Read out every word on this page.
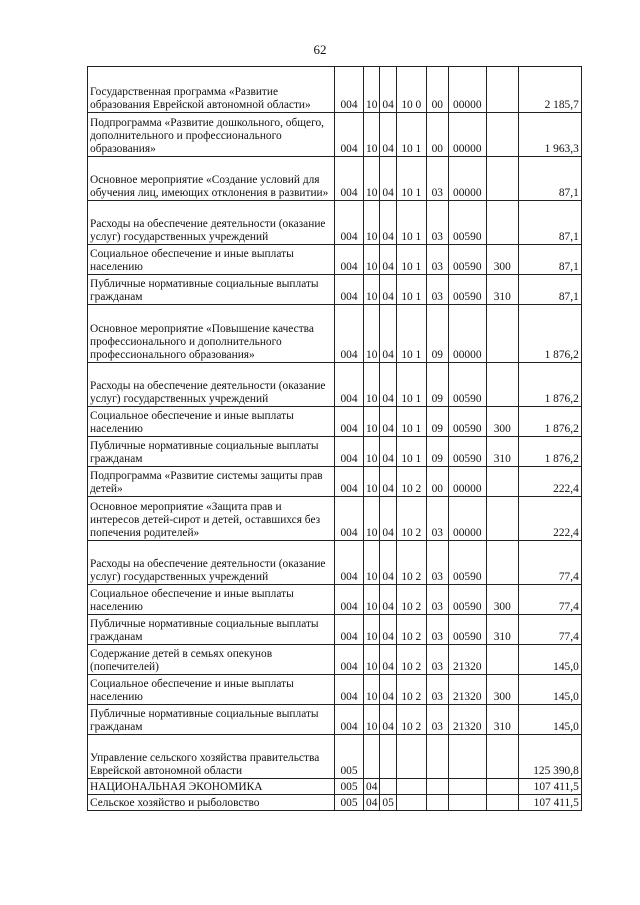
62
Государственная программа «Развитие образования Еврейской автономной области»	004	10	04	10 0	00	00000		2 185,7
Подпрограмма «Развитие дошкольного, общего, дополнительного и профессионального образования»	004	10	04	10 1	00	00000		1 963,3
Основное мероприятие «Создание условий для обучения лиц, имеющих отклонения в развитии»	004	10	04	10 1	03	00000		87,1
Расходы на обеспечение деятельности (оказание услуг) государственных учреждений	004	10	04	10 1	03	00590		87,1
Социальное обеспечение и иные выплаты населению	004	10	04	10 1	03	00590	300	87,1
Публичные нормативные социальные выплаты гражданам	004	10	04	10 1	03	00590	310	87,1
Основное мероприятие «Повышение качества профессионального и дополнительного профессионального образования»	004	10	04	10 1	09	00000		1 876,2
Расходы на обеспечение деятельности (оказание услуг) государственных учреждений	004	10	04	10 1	09	00590		1 876,2
Социальное обеспечение и иные выплаты населению	004	10	04	10 1	09	00590	300	1 876,2
Публичные нормативные социальные выплаты гражданам	004	10	04	10 1	09	00590	310	1 876,2
Подпрограмма «Развитие системы защиты прав детей»	004	10	04	10 2	00	00000		222,4
Основное мероприятие «Защита прав и интересов детей-сирот и детей, оставшихся без попечения родителей»	004	10	04	10 2	03	00000		222,4
Расходы на обеспечение деятельности (оказание услуг) государственных учреждений	004	10	04	10 2	03	00590		77,4
Социальное обеспечение и иные выплаты населению	004	10	04	10 2	03	00590	300	77,4
Публичные нормативные социальные выплаты гражданам	004	10	04	10 2	03	00590	310	77,4
Содержание детей в семьях опекунов (попечителей)	004	10	04	10 2	03	21320		145,0
Социальное обеспечение и иные выплаты населению	004	10	04	10 2	03	21320	300	145,0
Публичные нормативные социальные выплаты гражданам	004	10	04	10 2	03	21320	310	145,0
Управление сельского хозяйства правительства Еврейской автономной области	005							125 390,8
НАЦИОНАЛЬНАЯ ЭКОНОМИКА	005	04						107 411,5
Сельское хозяйство и рыболовство	005	04	05					107 411,5
